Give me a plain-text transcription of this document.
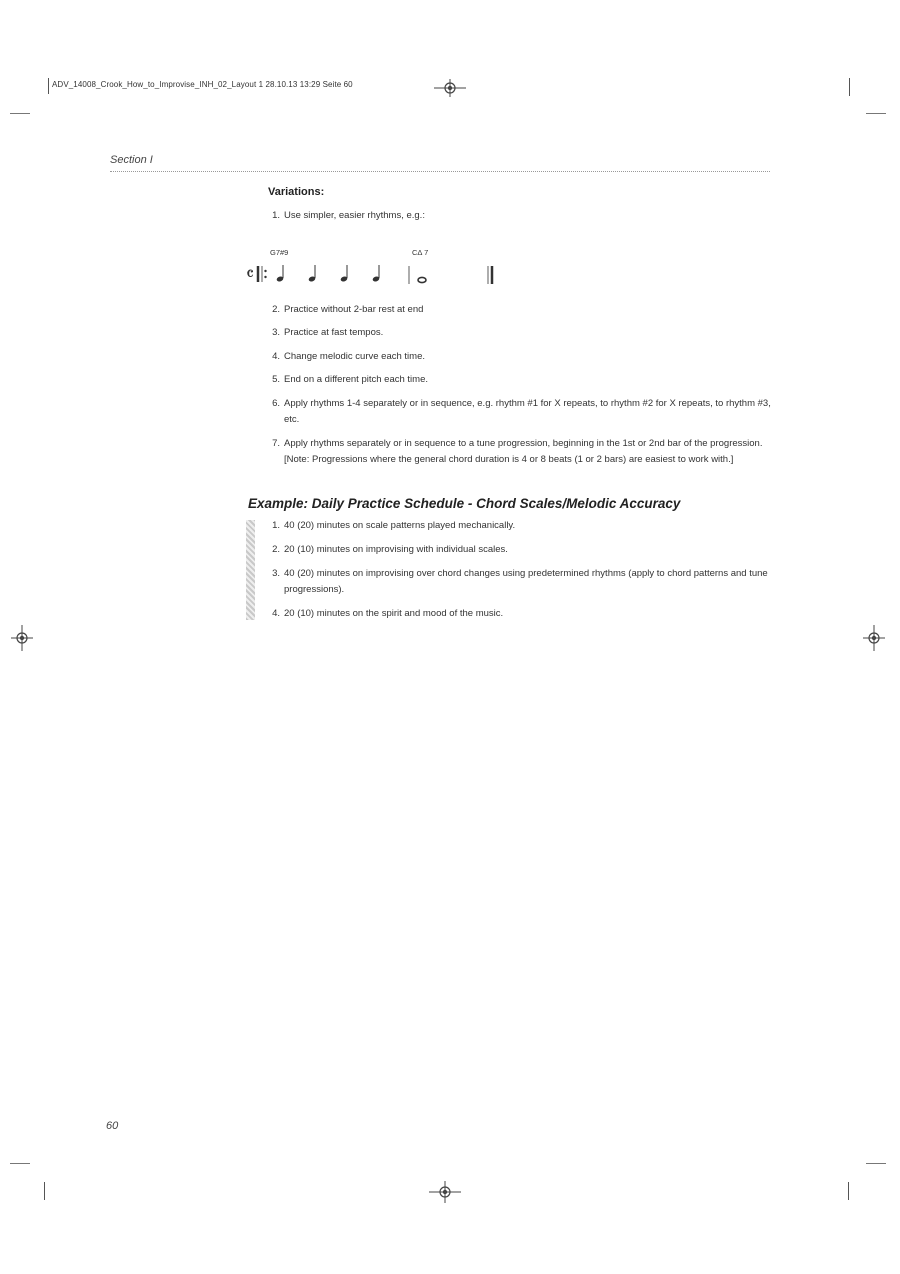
ADV_14008_Crook_How_to_Improvise_INH_02_Layout 1 28.10.13 13:29 Seite 60
Section I
Variations:
1. Use simpler, easier rhythms, e.g.:
G7#9	CΔ 7
𝄴
2. Practice without 2-bar rest at end
3. Practice at fast tempos.
4. Change melodic curve each time.
5. End on a different pitch each time.
6. Apply rhythms 1-4 separately or in sequence, e.g. rhythm #1 for X repeats, to rhythm #2 for X repeats, to rhythm #3, etc.
7. Apply rhythms separately or in sequence to a tune progression, beginning in the 1st or 2nd bar of the progression. [Note: Progressions where the general chord duration is 4 or 8 beats (1 or 2 bars) are easiest to work with.]
Example: Daily Practice Schedule - Chord Scales/Melodic Accuracy
1. 40 (20) minutes on scale patterns played mechanically.
2. 20 (10) minutes on improvising with individual scales.
3. 40 (20) minutes on improvising over chord changes using predetermined rhythms (apply to chord patterns and tune progressions).
4. 20 (10) minutes on the spirit and mood of the music.
60
